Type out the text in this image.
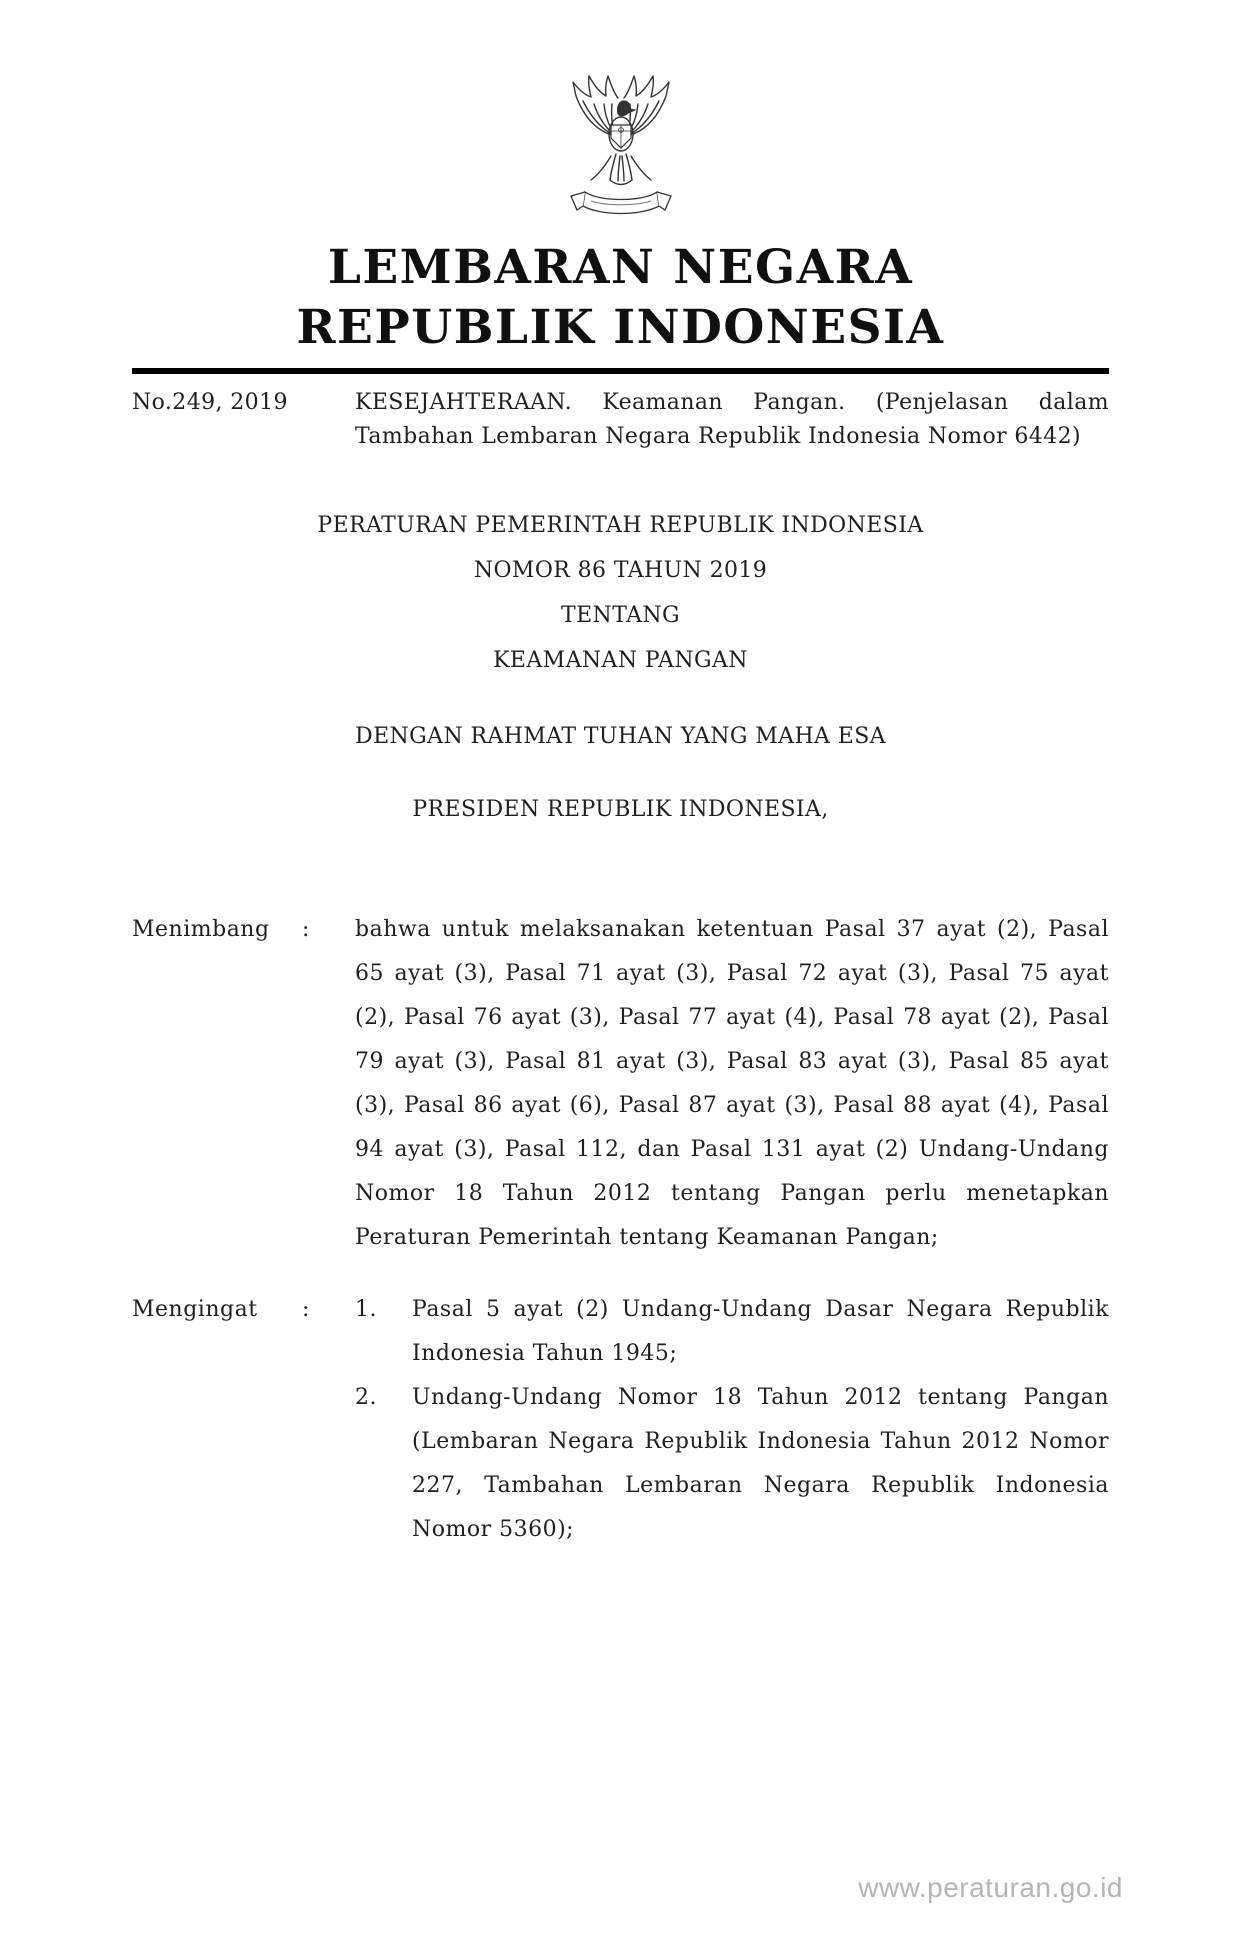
LEMBARAN NEGARA
REPUBLIK INDONESIA
No.249, 2019	KESEJAHTERAAN. Keamanan Pangan. (Penjelasan dalam Tambahan Lembaran Negara Republik Indonesia Nomor 6442)
PERATURAN PEMERINTAH REPUBLIK INDONESIA
NOMOR 86 TAHUN 2019
TENTANG
KEAMANAN PANGAN
DENGAN RAHMAT TUHAN YANG MAHA ESA
PRESIDEN REPUBLIK INDONESIA,
Menimbang	:	bahwa untuk melaksanakan ketentuan Pasal 37 ayat (2), Pasal 65 ayat (3), Pasal 71 ayat (3), Pasal 72 ayat (3), Pasal 75 ayat (2), Pasal 76 ayat (3), Pasal 77 ayat (4), Pasal 78 ayat (2), Pasal 79 ayat (3), Pasal 81 ayat (3), Pasal 83 ayat (3), Pasal 85 ayat (3), Pasal 86 ayat (6), Pasal 87 ayat (3), Pasal 88 ayat (4), Pasal 94 ayat (3), Pasal 112, dan Pasal 131 ayat (2) Undang-Undang Nomor 18 Tahun 2012 tentang Pangan perlu menetapkan Peraturan Pemerintah tentang Keamanan Pangan;
Mengingat	:	1.	Pasal 5 ayat (2) Undang-Undang Dasar Negara Republik Indonesia Tahun 1945;
2.	Undang-Undang Nomor 18 Tahun 2012 tentang Pangan (Lembaran Negara Republik Indonesia Tahun 2012 Nomor 227, Tambahan Lembaran Negara Republik Indonesia Nomor 5360);
www.peraturan.go.id
